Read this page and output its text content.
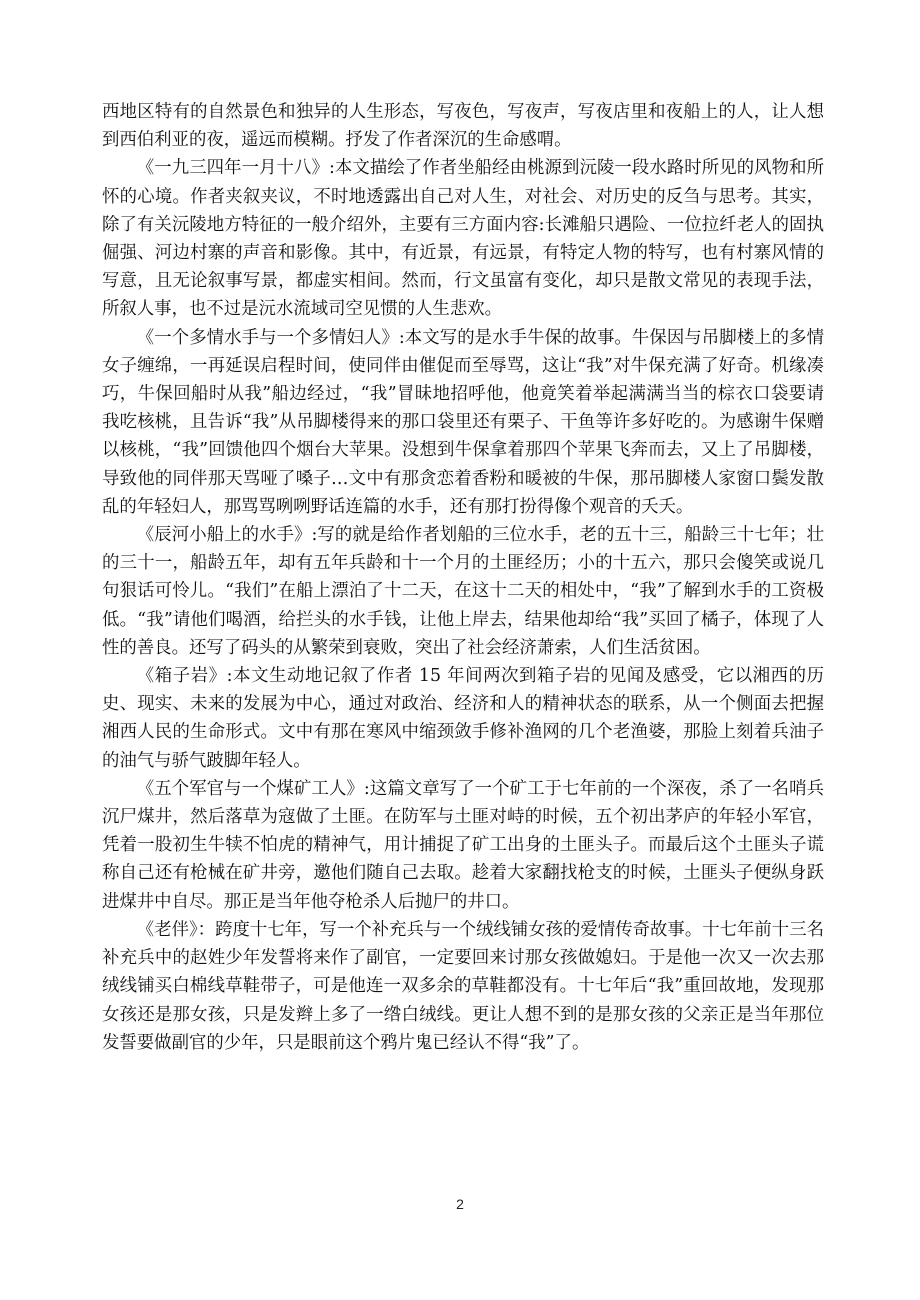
西地区特有的自然景色和独异的人生形态，写夜色，写夜声，写夜店里和夜船上的人，让人想到西伯利亚的夜，遥远而模糊。抒发了作者深沉的生命感喟。

《一九三四年一月十八》:本文描绘了作者坐船经由桃源到沅陵一段水路时所见的风物和所怀的心境。作者夹叙夹议，不时地透露出自己对人生，对社会、对历史的反刍与思考。其实，除了有关沅陵地方特征的一般介绍外，主要有三方面内容:长滩船只遇险、一位拉纤老人的固执倔强、河边村寨的声音和影像。其中，有近景，有远景，有特定人物的特写，也有村寨风情的写意，且无论叙事写景，都虚实相间。然而，行文虽富有变化，却只是散文常见的表现手法，所叙人事，也不过是沅水流域司空见惯的人生悲欢。

《一个多情水手与一个多情妇人》:本文写的是水手牛保的故事。牛保因与吊脚楼上的多情女子缠绵，一再延误启程时间，使同伴由催促而至辱骂，这让“我”对牛保充满了好奇。机缘凑巧，牛保回船时从我”船边经过，“我”冒昧地招呼他，他竟笑着举起满满当当的棕衣口袋要请我吃核桃，且告诉“我”从吊脚楼得来的那口袋里还有栗子、干鱼等许多好吃的。为感谢牛保赠以核桃，“我”回馈他四个烟台大苹果。没想到牛保拿着那四个苹果飞奔而去，又上了吊脚楼，导致他的同伴那天骂哑了嗓子…文中有那贪恋着香粉和暖被的牛保，那吊脚楼人家窗口鬓发散乱的年轻妇人，那骂骂咧咧野话连篇的水手，还有那打扮得像个观音的夭夭。

《辰河小船上的水手》:写的就是给作者划船的三位水手，老的五十三，船龄三十七年；壮的三十一，船龄五年，却有五年兵龄和十一个月的土匪经历；小的十五六，那只会傻笑或说几句狠话可怜儿。“我们”在船上漂泊了十二天，在这十二天的相处中，“我”了解到水手的工资极低。“我”请他们喝酒，给拦头的水手钱，让他上岸去，结果他却给“我”买回了橘子，体现了人性的善良。还写了码头的从繁荣到衰败，突出了社会经济萧索，人们生活贫困。

《箱子岩》:本文生动地记叙了作者 15 年间两次到箱子岩的见闻及感受，它以湘西的历史、现实、未来的发展为中心，通过对政治、经济和人的精神状态的联系，从一个侧面去把握湘西人民的生命形式。文中有那在寒风中缩颈敛手修补渔网的几个老渔婆，那脸上刻着兵油子的油气与骄气跛脚年轻人。

《五个军官与一个煤矿工人》:这篇文章写了一个矿工于七年前的一个深夜，杀了一名哨兵沉尸煤井，然后落草为寇做了土匪。在防军与土匪对峙的时候，五个初出茅庐的年轻小军官，凭着一股初生牛犊不怕虎的精神气，用计捕捉了矿工出身的土匪头子。而最后这个土匪头子谎称自己还有枪械在矿井旁，邀他们随自己去取。趁着大家翻找枪支的时候，土匪头子便纵身跃进煤井中自尽。那正是当年他夺枪杀人后抛尸的井口。

《老伴》：跨度十七年，写一个补充兵与一个绒线铺女孩的爱情传奇故事。十七年前十三名补充兵中的赵姓少年发誓将来作了副官，一定要回来讨那女孩做媳妇。于是他一次又一次去那绒线铺买白棉线草鞋带子，可是他连一双多余的草鞋都没有。十七年后“我”重回故地，发现那女孩还是那女孩，只是发辫上多了一绺白绒线。更让人想不到的是那女孩的父亲正是当年那位发誓要做副官的少年，只是眼前这个鸦片鬼已经认不得“我”了。

2
